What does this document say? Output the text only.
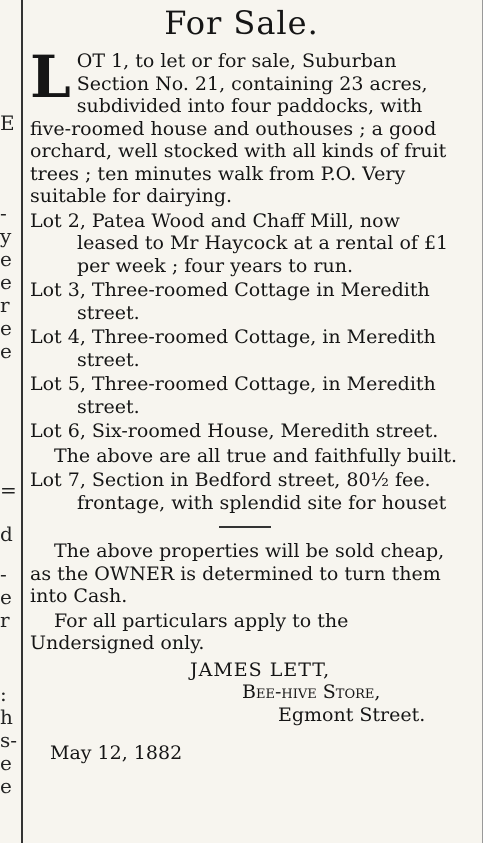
E
-
y
e
e
r
e
e
=
d
-
e
r
:
h
s-
e
e
For Sale.
LOT 1, to let or for sale, Suburban Section No. 21, containing 23 acres, subdivided into four paddocks, with five-roomed house and outhouses ; a good orchard, well stocked with all kinds of fruit trees ; ten minutes walk from P.O. Very suitable for dairying.

Lot 2, Patea Wood and Chaff Mill, now leased to Mr Haycock at a rental of £1 per week ; four years to run.

Lot 3, Three-roomed Cottage in Meredith street.

Lot 4, Three-roomed Cottage, in Meredith street.

Lot 5, Three-roomed Cottage, in Meredith street.

Lot 6, Six-roomed House, Meredith street.

The above are all true and faithfully built.

Lot 7, Section in Bedford street, 80½ fee. frontage, with splendid site for houset

The above properties will be sold cheap, as the OWNER is determined to turn them into Cash.

For all particulars apply to the Undersigned only.

JAMES LETT,
Bee-hive Store,
Egmont Street.
May 12, 1882
